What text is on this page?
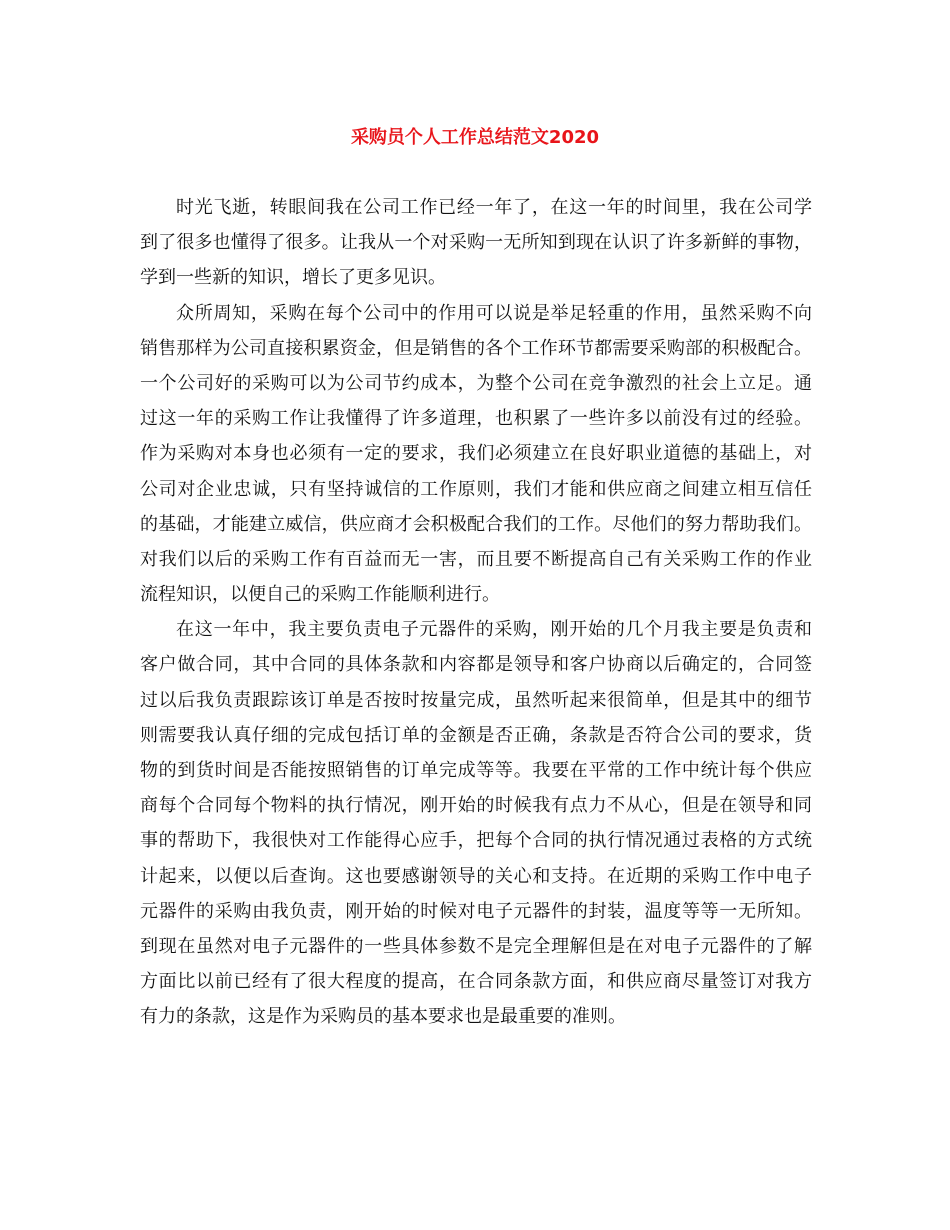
采购员个人工作总结范文2020
时光飞逝，转眼间我在公司工作已经一年了，在这一年的时间里，我在公司学
到了很多也懂得了很多。让我从一个对采购一无所知到现在认识了许多新鲜的事物，
学到一些新的知识，增长了更多见识。
众所周知，采购在每个公司中的作用可以说是举足轻重的作用，虽然采购不向
销售那样为公司直接积累资金，但是销售的各个工作环节都需要采购部的积极配合。
一个公司好的采购可以为公司节约成本，为整个公司在竞争激烈的社会上立足。通
过这一年的采购工作让我懂得了许多道理，也积累了一些许多以前没有过的经验。
作为采购对本身也必须有一定的要求，我们必须建立在良好职业道德的基础上，对
公司对企业忠诚，只有坚持诚信的工作原则，我们才能和供应商之间建立相互信任
的基础，才能建立威信，供应商才会积极配合我们的工作。尽他们的努力帮助我们。
对我们以后的采购工作有百益而无一害，而且要不断提高自己有关采购工作的作业
流程知识，以便自己的采购工作能顺利进行。
在这一年中，我主要负责电子元器件的采购，刚开始的几个月我主要是负责和
客户做合同，其中合同的具体条款和内容都是领导和客户协商以后确定的，合同签
过以后我负责跟踪该订单是否按时按量完成，虽然听起来很简单，但是其中的细节
则需要我认真仔细的完成包括订单的金额是否正确，条款是否符合公司的要求，货
物的到货时间是否能按照销售的订单完成等等。我要在平常的工作中统计每个供应
商每个合同每个物料的执行情况，刚开始的时候我有点力不从心，但是在领导和同
事的帮助下，我很快对工作能得心应手，把每个合同的执行情况通过表格的方式统
计起来，以便以后查询。这也要感谢领导的关心和支持。在近期的采购工作中电子
元器件的采购由我负责，刚开始的时候对电子元器件的封装，温度等等一无所知。
到现在虽然对电子元器件的一些具体参数不是完全理解但是在对电子元器件的了解
方面比以前已经有了很大程度的提高，在合同条款方面，和供应商尽量签订对我方
有力的条款，这是作为采购员的基本要求也是最重要的准则。
